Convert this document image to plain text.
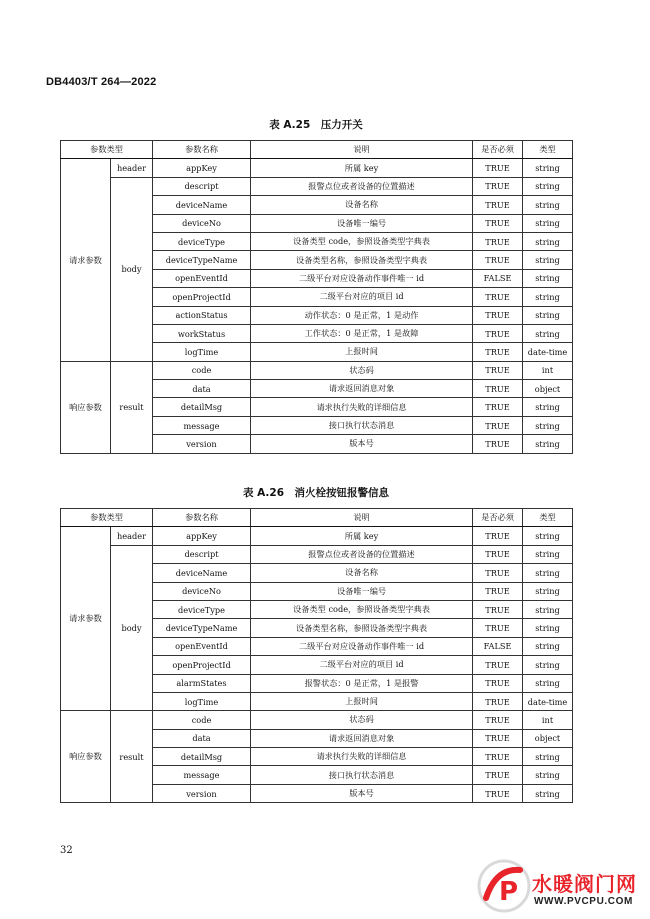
DB4403/T 264—2022
表 A.25　压力开关
参数类型		参数名称	说明	是否必须	类型
请求参数	header	appKey	所属 key	TRUE	string
	body	descript	报警点位或者设备的位置描述	TRUE	string
		deviceName	设备名称	TRUE	string
		deviceNo	设备唯一编号	TRUE	string
		deviceType	设备类型 code，参照设备类型字典表	TRUE	string
		deviceTypeName	设备类型名称，参照设备类型字典表	TRUE	string
		openEventId	二级平台对应设备动作事件唯一 id	FALSE	string
		openProjectId	二级平台对应的项目 id	TRUE	string
		actionStatus	动作状态：0 是正常，1 是动作	TRUE	string
		workStatus	工作状态：0 是正常，1 是故障	TRUE	string
		logTime	上报时间	TRUE	date-time
响应参数	result	code	状态码	TRUE	int
		data	请求返回消息对象	TRUE	object
		detailMsg	请求执行失败的详细信息	TRUE	string
		message	接口执行状态消息	TRUE	string
		version	版本号	TRUE	string
表 A.26　消火栓按钮报警信息
参数类型		参数名称	说明	是否必须	类型
请求参数	header	appKey	所属 key	TRUE	string
	body	descript	报警点位或者设备的位置描述	TRUE	string
		deviceName	设备名称	TRUE	string
		deviceNo	设备唯一编号	TRUE	string
		deviceType	设备类型 code，参照设备类型字典表	TRUE	string
		deviceTypeName	设备类型名称，参照设备类型字典表	TRUE	string
		openEventId	二级平台对应设备动作事件唯一 id	FALSE	string
		openProjectId	二级平台对应的项目 id	TRUE	string
		alarmStates	报警状态：0 是正常，1 是报警	TRUE	string
		logTime	上报时间	TRUE	date-time
响应参数	result	code	状态码	TRUE	int
		data	请求返回消息对象	TRUE	object
		detailMsg	请求执行失败的详细信息	TRUE	string
		message	接口执行状态消息	TRUE	string
		version	版本号	TRUE	string
32
P 水暖阀门网
WWW.PVCPU.COM
